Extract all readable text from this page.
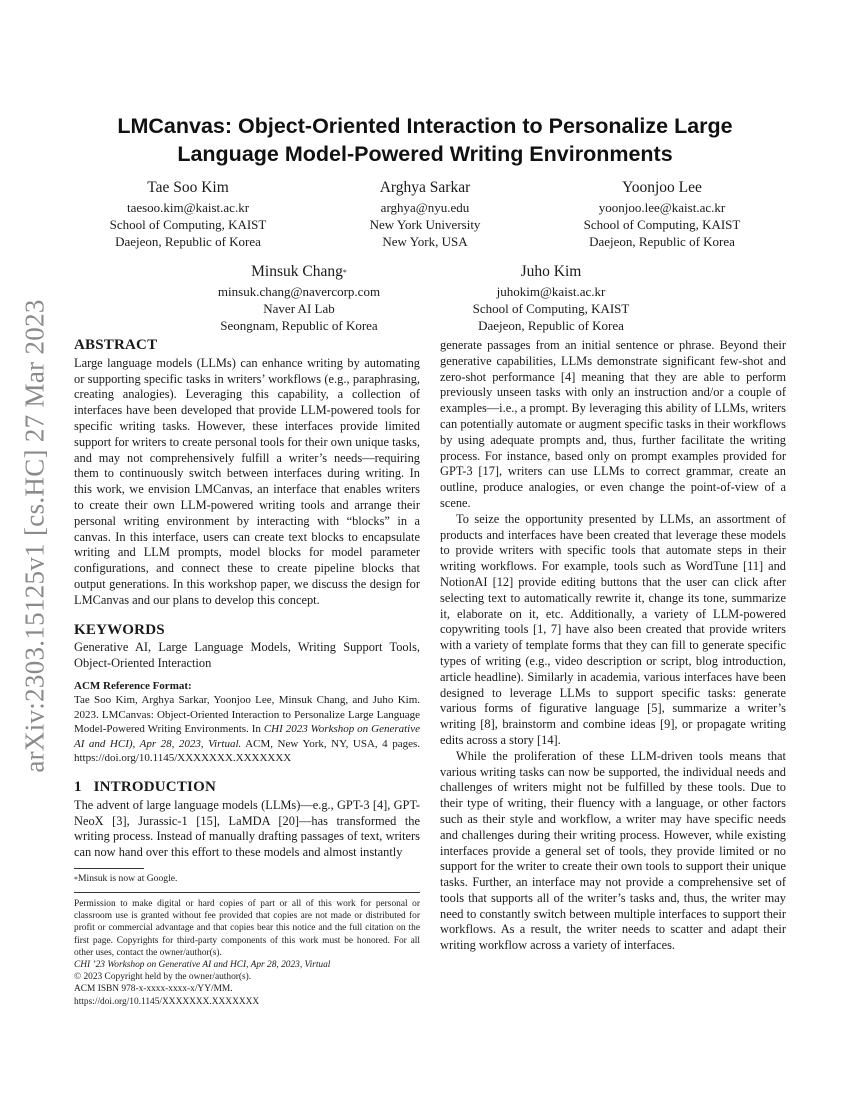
arXiv:2303.15125v1 [cs.HC] 27 Mar 2023
LMCanvas: Object-Oriented Interaction to Personalize Large
Language Model-Powered Writing Environments
Tae Soo Kim
taesoo.kim@kaist.ac.kr
School of Computing, KAIST
Daejeon, Republic of Korea
Arghya Sarkar
arghya@nyu.edu
New York University
New York, USA
Yoonjoo Lee
yoonjoo.lee@kaist.ac.kr
School of Computing, KAIST
Daejeon, Republic of Korea
Minsuk Chang*
minsuk.chang@navercorp.com
Naver AI Lab
Seongnam, Republic of Korea
Juho Kim
juhokim@kaist.ac.kr
School of Computing, KAIST
Daejeon, Republic of Korea
ABSTRACT

Large language models (LLMs) can enhance writing by automating or supporting specific tasks in writers’ workflows (e.g., paraphrasing, creating analogies). Leveraging this capability, a collection of interfaces have been developed that provide LLM-powered tools for specific writing tasks. However, these interfaces provide limited support for writers to create personal tools for their own unique tasks, and may not comprehensively fulfill a writer’s needs—requiring them to continuously switch between interfaces during writing. In this work, we envision LMCanvas, an interface that enables writers to create their own LLM-powered writing tools and arrange their personal writing environment by interacting with “blocks” in a canvas. In this interface, users can create text blocks to encapsulate writing and LLM prompts, model blocks for model parameter configurations, and connect these to create pipeline blocks that output generations. In this workshop paper, we discuss the design for LMCanvas and our plans to develop this concept.

KEYWORDS

Generative AI, Large Language Models, Writing Support Tools, Object-Oriented Interaction

ACM Reference Format:
Tae Soo Kim, Arghya Sarkar, Yoonjoo Lee, Minsuk Chang, and Juho Kim. 2023. LMCanvas: Object-Oriented Interaction to Personalize Large Language Model-Powered Writing Environments. In CHI 2023 Workshop on Generative AI and HCI), Apr 28, 2023, Virtual. ACM, New York, NY, USA, 4 pages. https://doi.org/10.1145/XXXXXXX.XXXXXXX
1 INTRODUCTION

The advent of large language models (LLMs)—e.g., GPT-3 [4], GPT-NeoX [3], Jurassic-1 [15], LaMDA [20]—has transformed the writing process. Instead of manually drafting passages of text, writers can now hand over this effort to these models and almost instantly

*Minsuk is now at Google.
Permission to make digital or hard copies of part or all of this work for personal or classroom use is granted without fee provided that copies are not made or distributed for profit or commercial advantage and that copies bear this notice and the full citation on the first page. Copyrights for third-party components of this work must be honored. For all other uses, contact the owner/author(s).
CHI ’23 Workshop on Generative AI and HCI, Apr 28, 2023, Virtual
© 2023 Copyright held by the owner/author(s).
ACM ISBN 978-x-xxxx-xxxx-x/YY/MM.
https://doi.org/10.1145/XXXXXXX.XXXXXXX

generate passages from an initial sentence or phrase. Beyond their generative capabilities, LLMs demonstrate significant few-shot and zero-shot performance [4] meaning that they are able to perform previously unseen tasks with only an instruction and/or a couple of examples—i.e., a prompt. By leveraging this ability of LLMs, writers can potentially automate or augment specific tasks in their workflows by using adequate prompts and, thus, further facilitate the writing process. For instance, based only on prompt examples provided for GPT-3 [17], writers can use LLMs to correct grammar, create an outline, produce analogies, or even change the point-of-view of a scene.

To seize the opportunity presented by LLMs, an assortment of products and interfaces have been created that leverage these models to provide writers with specific tools that automate steps in their writing workflows. For example, tools such as WordTune [11] and NotionAI [12] provide editing buttons that the user can click after selecting text to automatically rewrite it, change its tone, summarize it, elaborate on it, etc. Additionally, a variety of LLM-powered copywriting tools [1, 7] have also been created that provide writers with a variety of template forms that they can fill to generate specific types of writing (e.g., video description or script, blog introduction, article headline). Similarly in academia, various interfaces have been designed to leverage LLMs to support specific tasks: generate various forms of figurative language [5], summarize a writer’s writing [8], brainstorm and combine ideas [9], or propagate writing edits across a story [14].

While the proliferation of these LLM-driven tools means that various writing tasks can now be supported, the individual needs and challenges of writers might not be fulfilled by these tools. Due to their type of writing, their fluency with a language, or other factors such as their style and workflow, a writer may have specific needs and challenges during their writing process. However, while existing interfaces provide a general set of tools, they provide limited or no support for the writer to create their own tools to support their unique tasks. Further, an interface may not provide a comprehensive set of tools that supports all of the writer’s tasks and, thus, the writer may need to constantly switch between multiple interfaces to support their workflows. As a result, the writer needs to scatter and adapt their writing workflow across a variety of interfaces.
